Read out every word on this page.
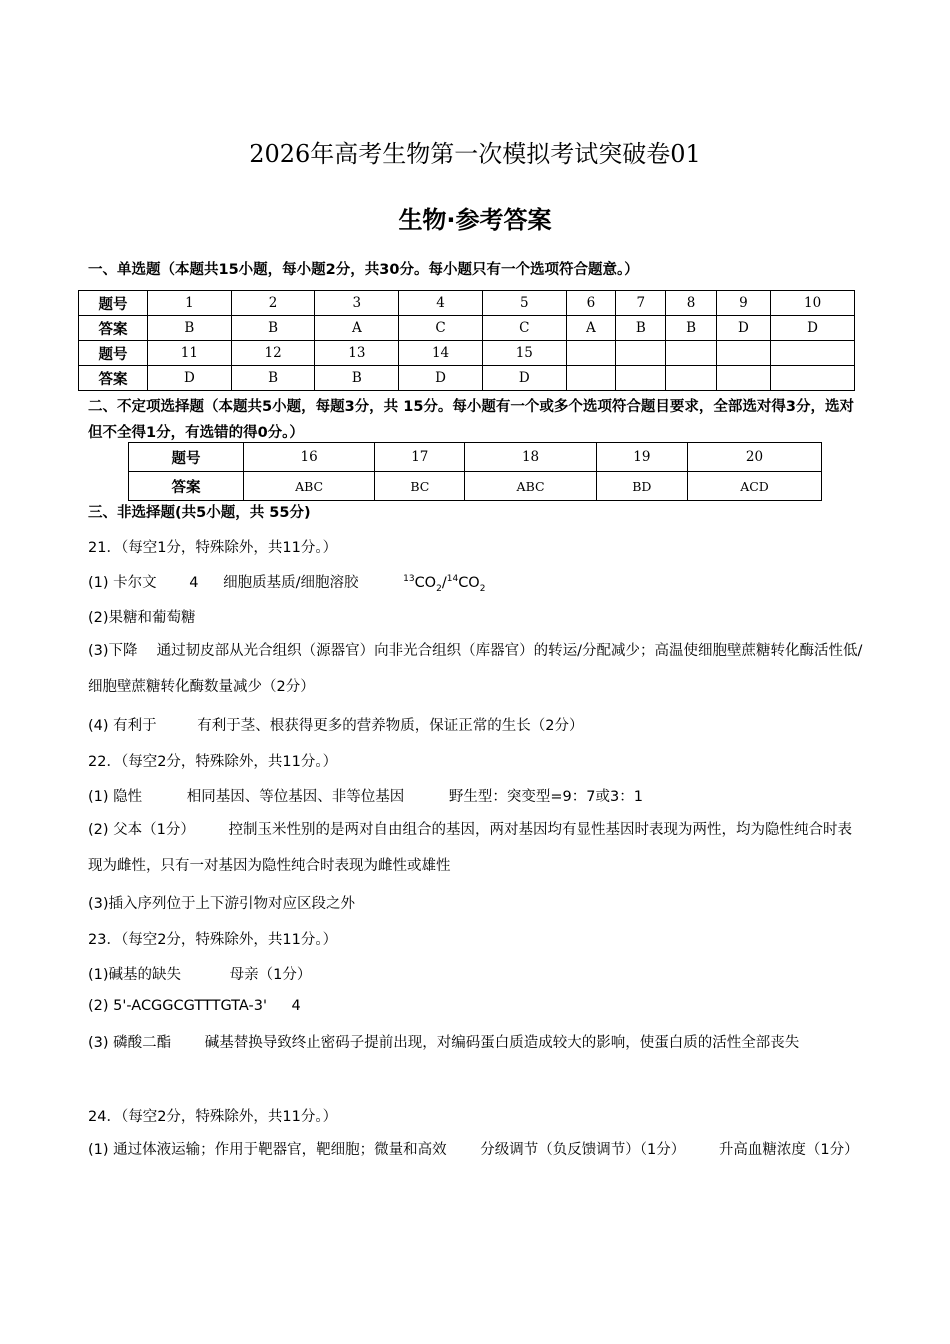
2026年高考生物第一次模拟考试突破卷01
生物·参考答案
一、单选题（本题共15小题，每小题2分，共30分。每小题只有一个选项符合题意。）
题号	1	2	3	4	5	6	7	8	9	10
答案	B	B	A	C	C	A	B	B	D	D
题号	11	12	13	14	15					
答案	D	B	B	D	D					
二、不定项选择题（本题共5小题，每题3分，共 15分。每小题有一个或多个选项符合题目要求，全部选对得3分，选对但不全得1分，有选错的得0分。）
题号	16	17	18	19	20
答案	ABC	BC	ABC	BD	ACD
三、非选择题(共5小题，共 55分)
21．（每空1分，特殊除外，共11分。）
(1) 卡尔文 4 细胞质基质/细胞溶胶	$^{13}CO_2/^{14}CO_2$
(2)果糖和葡萄糖
(3)下降 　通过韧皮部从光合组织（源器官）向非光合组织（库器官）的转运/分配减少；高温使细胞壁蔗糖转化酶活性低/细胞壁蔗糖转化酶数量减少（2分）
(4) 有利于	有利于茎、根获得更多的营养物质，保证正常的生长（2分）
22．（每空2分，特殊除外，共11分。）
(1) 隐性	相同基因、等位基因、非等位基因	野生型：突变型=9：7或3：1
(2) 父本（1分） 　　控制玉米性别的是两对自由组合的基因，两对基因均有显性基因时表现为两性，均为隐性纯合时表现为雌性，只有一对基因为隐性纯合时表现为雌性或雄性
(3)插入序列位于上下游引物对应区段之外
23．（每空2分，特殊除外，共11分。）
(1)碱基的缺失	母亲（1分）
(2) 5'-ACGGCGTTTGTA-3' 4
(3) 磷酸二酯 　　碱基替换导致终止密码子提前出现，对编码蛋白质造成较大的影响，使蛋白质的活性全部丧失
24．（每空2分，特殊除外，共11分。）
(1) 通过体液运输；作用于靶器官，靶细胞；微量和高效 　　分级调节（负反馈调节）（1分） 　　升高血糖浓度（1分）
